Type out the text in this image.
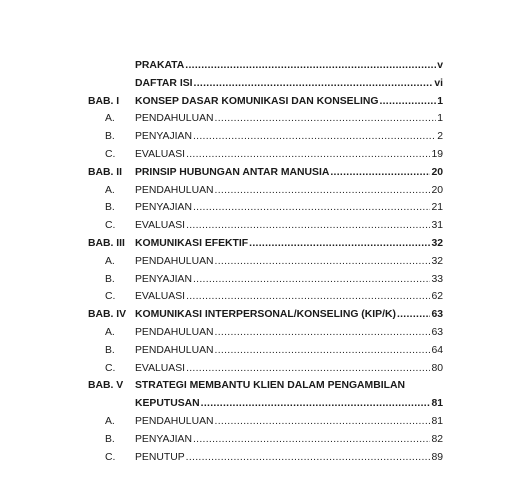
PRAKATA .....	v
DAFTAR ISI .....	vi
BAB. I	KONSEP DASAR KOMUNIKASI DAN KONSELING .....	1
A.	PENDAHULUAN .....	1
B.	PENYAJIAN .....	2
C.	EVALUASI .....	19
BAB. II	PRINSIP HUBUNGAN ANTAR MANUSIA .....	20
A.	PENDAHULUAN .....	20
B.	PENYAJIAN .....	21
C.	EVALUASI .....	31
BAB. III KOMUNIKASI EFEKTIF .....	32
A.	PENDAHULUAN .....	32
B.	PENYAJIAN .....	33
C.	EVALUASI .....	62
BAB. IV KOMUNIKASI INTERPERSONAL/KONSELING (KIP/K) .....	63
A.	PENDAHULUAN .....	63
B.	PENDAHULUAN .....	64
C.	EVALUASI .....	80
BAB. V	STRATEGI MEMBANTU KLIEN DALAM PENGAMBILAN
KEPUTUSAN .....	81
A.	PENDAHULUAN .....	81
B.	PENYAJIAN .....	82
C.	PENUTUP .....	89
